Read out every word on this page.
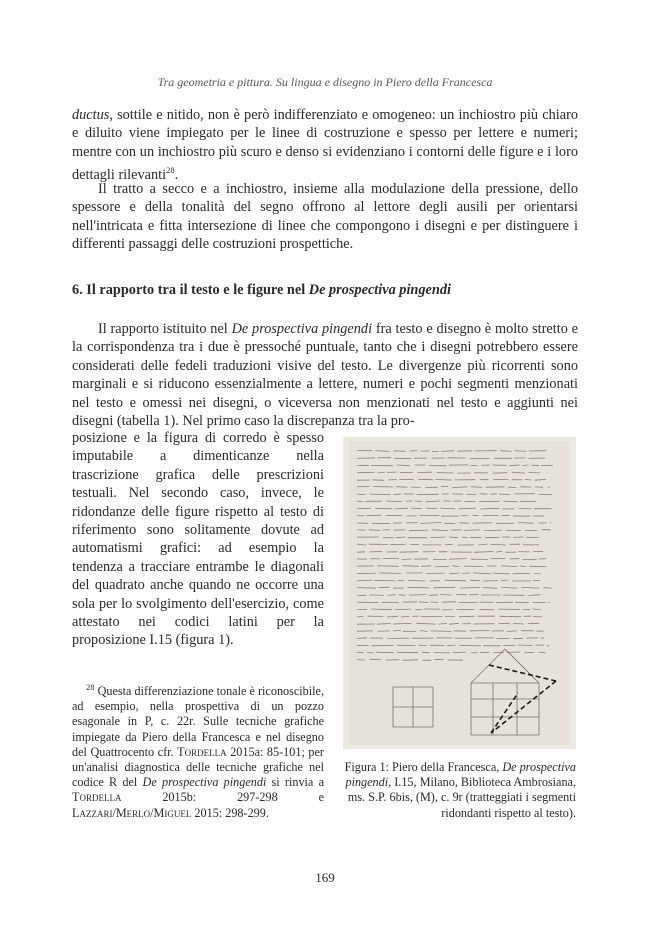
Tra geometria e pittura. Su lingua e disegno in Piero della Francesca

ductus, sottile e nitido, non è però indifferenziato e omogeneo: un inchiostro più chiaro e diluito viene impiegato per le linee di costruzione e spesso per lettere e numeri; mentre con un inchiostro più scuro e denso si evidenziano i contorni delle figure e i loro dettagli rilevanti$^{28}$.

Il tratto a secco e a inchiostro, insieme alla modulazione della pressione, dello spessore e della tonalità del segno offrono al lettore degli ausili per orientarsi nell'intricata e fitta intersezione di linee che compongono i disegni e per distinguere i differenti passaggi delle costruzioni prospettiche.

6. Il rapporto tra il testo e le figure nel De prospectiva pingendi

Il rapporto istituito nel De prospectiva pingendi fra testo e disegno è molto stretto e la corrispondenza tra i due è pressoché puntuale, tanto che i disegni potrebbero essere considerati delle fedeli traduzioni visive del testo. Le divergenze più ricorrenti sono marginali e si riducono essenzialmente a lettere, numeri e pochi segmenti menzionati nel testo e omessi nei disegni, o viceversa non menzionati nel testo e aggiunti nei disegni (tabella 1). Nel primo caso la discrepanza tra la pro-

posizione e la figura di corredo è spesso imputabile a dimenticanze nella trascrizione grafica delle prescrizioni testuali. Nel secondo caso, invece, le ridondanze delle figure rispetto al testo di riferimento sono solitamente dovute ad automatismi grafici: ad esempio la tendenza a tracciare entrambe le diagonali del quadrato anche quando ne occorre una sola per lo svolgimento dell'esercizio, come attestato nei codici latini per la proposizione I.15 (figura 1).

$^{28}$ Questa differenziazione tonale è riconoscibile, ad esempio, nella prospettiva di un pozzo esagonale in P, c. 22r. Sulle tecniche grafiche impiegate da Piero della Francesca e nel disegno del Quattrocento cfr. Tordella 2015a: 85-101; per un'analisi diagnostica delle tecniche grafiche nel codice R del De prospectiva pingendi si rinvia a Tordella 2015b: 297-298 e Lazzari/Merlo/Miguel 2015: 298-299.

Figura 1: Piero della Francesca, De prospectiva pingendi, I.15, Milano, Biblioteca Ambrosiana, ms. S.P. 6bis, (M), c. 9r (tratteggiati i segmenti ridondanti rispetto al testo).

169
